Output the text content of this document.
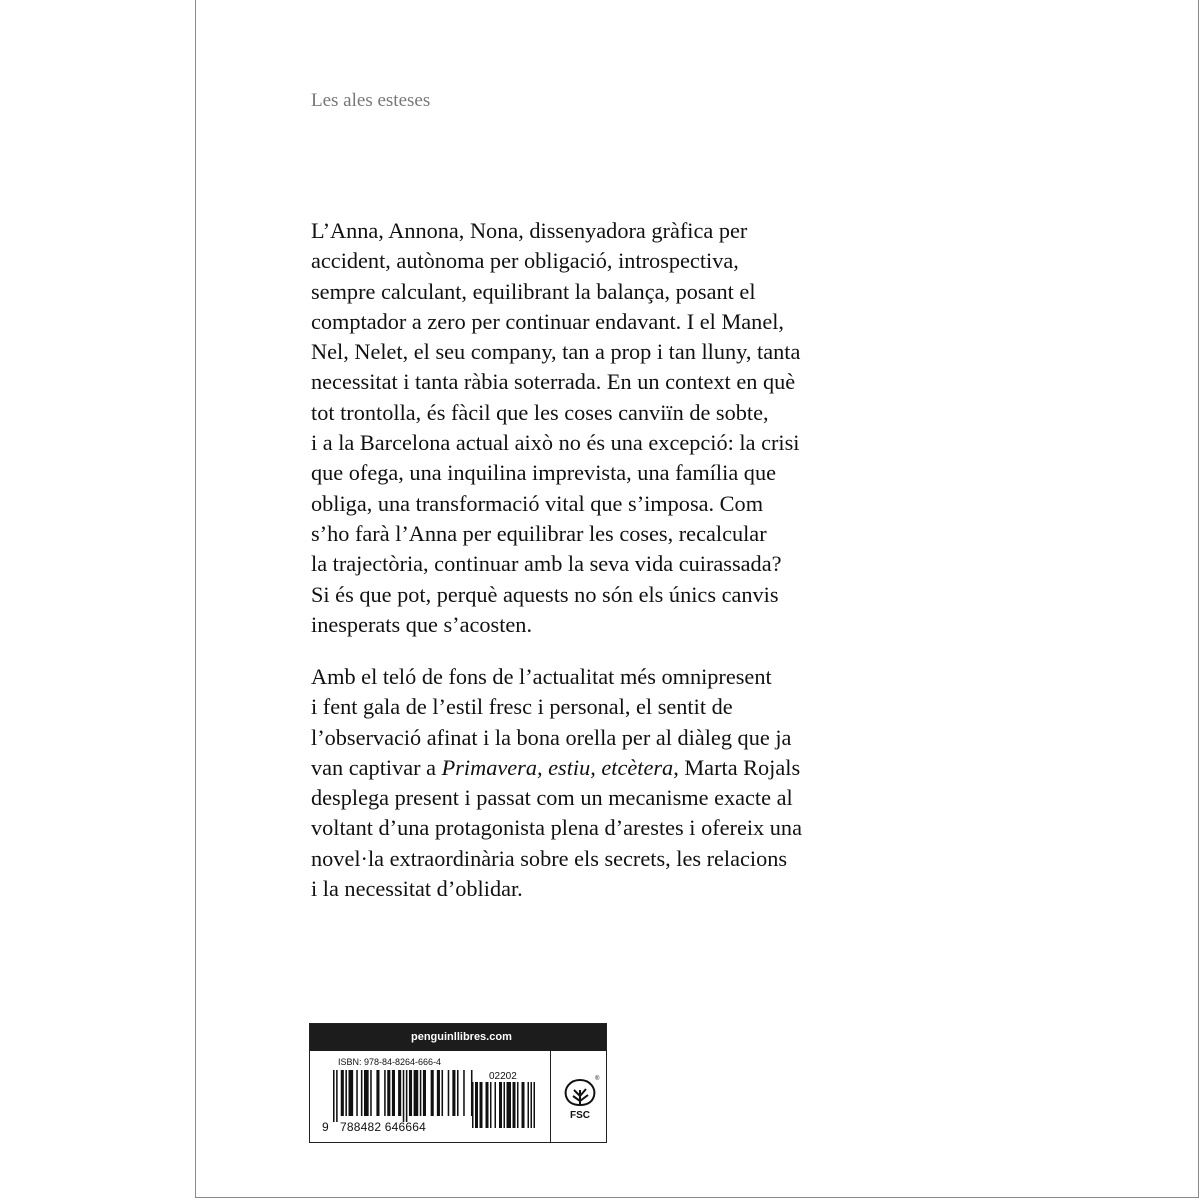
Les ales esteses
L’Anna, Annona, Nona, dissenyadora gràfica per
accident, autònoma per obligació, introspectiva,
sempre calculant, equilibrant la balança, posant el
comptador a zero per continuar endavant. I el Manel,
Nel, Nelet, el seu company, tan a prop i tan lluny, tanta
necessitat i tanta ràbia soterrada. En un context en què
tot trontolla, és fàcil que les coses canviïn de sobte,
i a la Barcelona actual això no és una excepció: la crisi
que ofega, una inquilina imprevista, una família que
obliga, una transformació vital que s’imposa. Com
s’ho farà l’Anna per equilibrar les coses, recalcular
la trajectòria, continuar amb la seva vida cuirassada?
Si és que pot, perquè aquests no són els únics canvis
inesperats que s’acosten.
Amb el teló de fons de l’actualitat més omnipresent
i fent gala de l’estil fresc i personal, el sentit de
l’observació afinat i la bona orella per al diàleg que ja
van captivar a Primavera, estiu, etcètera, Marta Rojals
desplega present i passat com un mecanisme exacte al
voltant d’una protagonista plena d’arestes i ofereix una
novel·la extraordinària sobre els secrets, les relacions
i la necessitat d’oblidar.
penguinllibres.com
ISBN: 978-84-8264-666-4
02202
9 788482 646664
®
FSC
